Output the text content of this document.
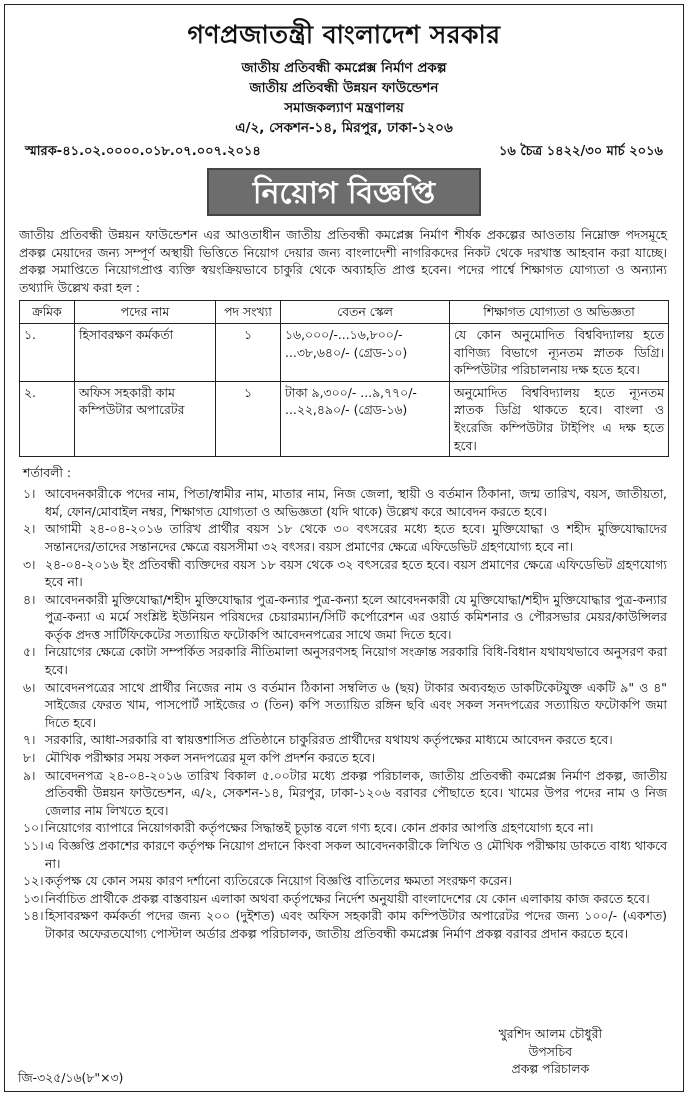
গণপ্রজাতন্ত্রী বাংলাদেশ সরকার
জাতীয় প্রতিবন্ধী কমপ্লেক্স নির্মাণ প্রকল্প
জাতীয় প্রতিবন্ধী উন্নয়ন ফাউন্ডেশন
সমাজকল্যাণ মন্ত্রণালয়
এ/২, সেকশন-১৪, মিরপুর, ঢাকা-১২০৬
স্মারক-৪১.০২.০০০০.০১৮.০৭.০০৭.২০১৪	১৬ চৈত্র ১৪২২/৩০ মার্চ ২০১৬
নিয়োগ বিজ্ঞপ্তি
জাতীয় প্রতিবন্ধী উন্নয়ন ফাউন্ডেশন এর আওতাধীন জাতীয় প্রতিবন্ধী কমপ্লেক্স নির্মাণ শীর্ষক প্রকল্পের আওতায় নিম্নোক্ত পদসমূহে প্রকল্প মেয়াদের জন্য সম্পূর্ণ অস্থায়ী ভিত্তিতে নিয়োগ দেয়ার জন্য বাংলাদেশী নাগরিকদের নিকট থেকে দরখাস্ত আহবান করা যাচ্ছে। প্রকল্প সমাপ্তিতে নিয়োগপ্রাপ্ত ব্যক্তি স্বয়ংক্রিয়ভাবে চাকুরি থেকে অব্যাহতি প্রাপ্ত হবেন। পদের পার্শ্বে শিক্ষাগত যোগ্যতা ও অন্যান্য তথ্যাদি উল্লেখ করা হল :
ক্রমিক	পদের নাম	পদ সংখ্যা	বেতন স্কেল	শিক্ষাগত যোগ্যতা ও অভিজ্ঞতা
১.	হিসাবরক্ষণ কর্মকর্তা	১	১৬,০০০/-...১৬,৮০০/- ...৩৮,৬৪০/- (গ্রেড-১০)	যে কোন অনুমোদিত বিশ্ববিদ্যালয় হতে বাণিজ্য বিভাগে ন্যূনতম স্নাতক ডিগ্রি। কম্পিউটার পরিচালনায় দক্ষ হতে হবে।
২.	অফিস সহকারী কাম কম্পিউটার অপারেটর	১	টাকা ৯,৩০০/- ...৯,৭৭০/- ...২২,৪৯০/- (গ্রেড-১৬)	অনুমোদিত বিশ্ববিদ্যালয় হতে ন্যূনতম স্নাতক ডিগ্রি থাকতে হবে। বাংলা ও ইংরেজি কম্পিউটার টাইপিং এ দক্ষ হতে হবে।
শর্তাবলী :
১। আবেদনকারীকে পদের নাম, পিতা/স্বামীর নাম, মাতার নাম, নিজ জেলা, স্থায়ী ও বর্তমান ঠিকানা, জন্ম তারিখ, বয়স, জাতীয়তা, ধর্ম, ফোন/মোবাইল নম্বর, শিক্ষাগত যোগ্যতা ও অভিজ্ঞতা (যদি থাকে) উল্লেখ করে আবেদন করতে হবে।
২। আগামী ২৪-০৪-২০১৬ তারিখ প্রার্থীর বয়স ১৮ থেকে ৩০ বৎসরের মধ্যে হতে হবে। মুক্তিযোদ্ধা ও শহীদ মুক্তিযোদ্ধাদের সন্তানদের/তাদের সন্তানদের ক্ষেত্রে বয়সসীমা ৩২ বৎসর। বয়স প্রমাণের ক্ষেত্রে এফিডেভিট গ্রহণযোগ্য হবে না।
৩। ২৪-০৪-২০১৬ ইং প্রতিবন্ধী ব্যক্তিদের বয়স ১৮ বয়স থেকে ৩২ বৎসরের হতে হবে। বয়স প্রমাণের ক্ষেত্রে এফিডেভিট গ্রহণযোগ্য হবে না।
৪। আবেদনকারী মুক্তিযোদ্ধা/শহীদ মুক্তিযোদ্ধার পুত্র-কন্যার পুত্র-কন্যা হলে আবেদনকারী যে মুক্তিযোদ্ধা/শহীদ মুক্তিযোদ্ধার পুত্র-কন্যার পুত্র-কন্যা এ মর্মে সংশ্লিষ্ট ইউনিয়ন পরিষদের চেয়ারম্যান/সিটি কর্পোরেশন এর ওয়ার্ড কমিশনার ও পৌরসভার মেয়র/কাউন্সিলর কর্তৃক প্রদত্ত সার্টিফিকেটের সত্যায়িত ফটোকপি আবেদনপত্রের সাথে জমা দিতে হবে।
৫। নিয়োগের ক্ষেত্রে কোটা সম্পর্কিত সরকারি নীতিমালা অনুসরণসহ নিয়োগ সংক্রান্ত সরকারি বিধি-বিধান যথাযথভাবে অনুসরণ করা হবে।
৬। আবেদনপত্রের সাথে প্রার্থীর নিজের নাম ও বর্তমান ঠিকানা সম্বলিত ৬ (ছয়) টাকার অব্যবহৃত ডাকটিকেটযুক্ত একটি ৯" ও ৪" সাইজের ফেরত খাম, পাসপোর্ট সাইজের ৩ (তিন) কপি সত্যায়িত রঙ্গিন ছবি এবং সকল সনদপত্রের সত্যায়িত ফটোকপি জমা দিতে হবে।
৭। সরকারি, আধা-সরকারি বা স্বায়ত্তশাসিত প্রতিষ্ঠানে চাকুরিরত প্রার্থীদের যথাযথ কর্তৃপক্ষের মাধ্যমে আবেদন করতে হবে।
৮। মৌখিক পরীক্ষার সময় সকল সনদপত্রের মূল কপি প্রদর্শন করতে হবে।
৯। আবেদনপত্র ২৪-০৪-২০১৬ তারিখ বিকাল ৫.০০টার মধ্যে প্রকল্প পরিচালক, জাতীয় প্রতিবন্ধী কমপ্লেক্স নির্মাণ প্রকল্প, জাতীয় প্রতিবন্ধী উন্নয়ন ফাউন্ডেশন, এ/২, সেকশন-১৪, মিরপুর, ঢাকা-১২০৬ বরাবর পৌছাতে হবে। খামের উপর পদের নাম ও নিজ জেলার নাম লিখতে হবে।
১০। নিয়োগের ব্যাপারে নিয়োগকারী কর্তৃপক্ষের সিদ্ধান্তই চূড়ান্ত বলে গণ্য হবে। কোন প্রকার আপত্তি গ্রহণযোগ্য হবে না।
১১। এ বিজ্ঞপ্তি প্রকাশের কারণে কর্তৃপক্ষ নিয়োগ প্রদানে কিংবা সকল আবেদনকারীকে লিখিত ও মৌখিক পরীক্ষায় ডাকতে বাধ্য থাকবে না।
১২। কর্তৃপক্ষ যে কোন সময় কারণ দর্শানো ব্যতিরেকে নিয়োগ বিজ্ঞপ্তি বাতিলের ক্ষমতা সংরক্ষণ করেন।
১৩। নির্বাচিত প্রার্থীকে প্রকল্প বাস্তবায়ন এলাকা অথবা কর্তৃপক্ষের নির্দেশ অনুযায়ী বাংলাদেশের যে কোন এলাকায় কাজ করতে হবে।
১৪। হিসাবরক্ষণ কর্মকর্তা পদের জন্য ২০০ (দুইশত) এবং অফিস সহকারী কাম কম্পিউটার অপারেটর পদের জন্য ১০০/- (একশত) টাকার অফেরতযোগ্য পোস্টাল অর্ডার প্রকল্প পরিচালক, জাতীয় প্রতিবন্ধী কমপ্লেক্স নির্মাণ প্রকল্প বরাবর প্রদান করতে হবে।
খুরশিদ আলম চৌধুরী
উপসচিব
প্রকল্প পরিচালক
জি-৩২৫/১৬(৮"×৩)
